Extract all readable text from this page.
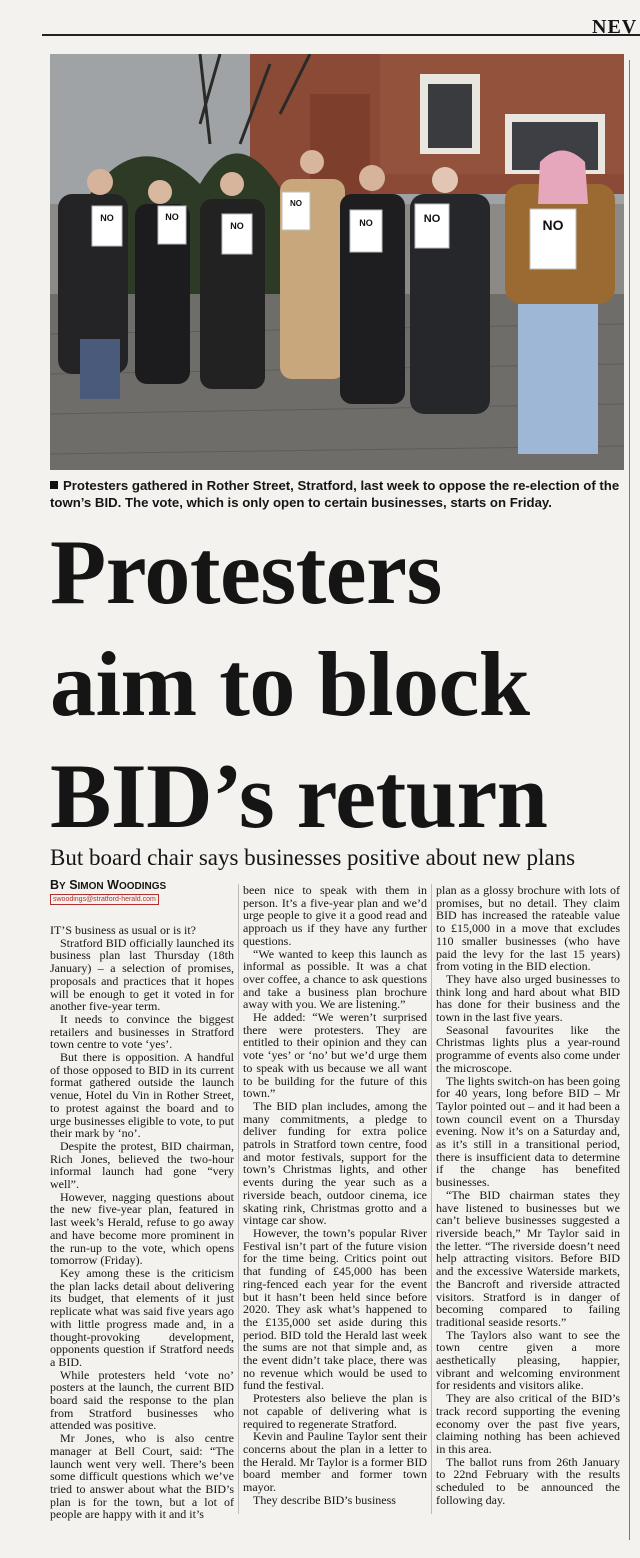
NEV
NO	NO
NO
NO
NO	NO	NO
Protesters gathered in Rother Street, Stratford, last week to oppose the re-election of the town’s BID. The vote, which is only open to certain businesses, starts on Friday.
Protesters
aim to block
BID’s return
But board chair says businesses positive about new plans
BY SIMON WOODINGS
swoodings@stratford-herald.com

IT’S business as usual or is it?

Stratford BID officially launched its business plan last Thursday (18th January) – a selection of promises, proposals and practices that it hopes will be enough to get it voted in for another five-year term.

It needs to convince the biggest retailers and businesses in Stratford town centre to vote ‘yes’.

But there is opposition. A handful of those opposed to BID in its current format gathered outside the launch venue, Hotel du Vin in Rother Street, to protest against the board and to urge businesses eligible to vote, to put their mark by ‘no’.

Despite the protest, BID chairman, Rich Jones, believed the two-hour informal launch had gone “very well”.

However, nagging questions about the new five-year plan, featured in last week’s Herald, refuse to go away and have become more prominent in the run-up to the vote, which opens tomorrow (Friday).

Key among these is the criticism the plan lacks detail about delivering its budget, that elements of it just replicate what was said five years ago with little progress made and, in a thought-provoking development, opponents question if Stratford needs a BID.

While protesters held ‘vote no’ posters at the launch, the current BID board said the response to the plan from Stratford businesses who attended was positive.

Mr Jones, who is also centre manager at Bell Court, said: “The launch went very well. There’s been some difficult questions which we’ve tried to answer about what the BID’s plan is for the town, but a lot of people are happy with it and it’s

been nice to speak with them in person. It’s a five-year plan and we’d urge people to give it a good read and approach us if they have any further questions.

“We wanted to keep this launch as informal as possible. It was a chat over coffee, a chance to ask questions and take a business plan brochure away with you. We are listening.”

He added: “We weren’t surprised there were protesters. They are entitled to their opinion and they can vote ‘yes’ or ‘no’ but we’d urge them to speak with us because we all want to be building for the future of this town.”

The BID plan includes, among the many commitments, a pledge to deliver funding for extra police patrols in Stratford town centre, food and motor festivals, support for the town’s Christmas lights, and other events during the year such as a riverside beach, outdoor cinema, ice skating rink, Christmas grotto and a vintage car show.

However, the town’s popular River Festival isn’t part of the future vision for the time being. Critics point out that funding of £45,000 has been ring-fenced each year for the event but it hasn’t been held since before 2020. They ask what’s happened to the £135,000 set aside during this period. BID told the Herald last week the sums are not that simple and, as the event didn’t take place, there was no revenue which would be used to fund the festival.

Protesters also believe the plan is not capable of delivering what is required to regenerate Stratford.

Kevin and Pauline Taylor sent their concerns about the plan in a letter to the Herald. Mr Taylor is a former BID board member and former town mayor.

They describe BID’s business

plan as a glossy brochure with lots of promises, but no detail. They claim BID has increased the rateable value to £15,000 in a move that excludes 110 smaller businesses (who have paid the levy for the last 15 years) from voting in the BID election.

They have also urged businesses to think long and hard about what BID has done for their business and the town in the last five years.

Seasonal favourites like the Christmas lights plus a year-round programme of events also come under the microscope.

The lights switch-on has been going for 40 years, long before BID – Mr Taylor pointed out – and it had been a town council event on a Thursday evening. Now it’s on a Saturday and, as it’s still in a transitional period, there is insufficient data to determine if the change has benefited businesses.

“The BID chairman states they have listened to businesses but we can’t believe businesses suggested a riverside beach,” Mr Taylor said in the letter. “The riverside doesn’t need help attracting visitors. Before BID and the excessive Waterside markets, the Bancroft and riverside attracted visitors. Stratford is in danger of becoming compared to failing traditional seaside resorts.”

The Taylors also want to see the town centre given a more aesthetically pleasing, happier, vibrant and welcoming environment for residents and visitors alike.

They are also critical of the BID’s track record supporting the evening economy over the past five years, claiming nothing has been achieved in this area.

The ballot runs from 26th January to 22nd February with the results scheduled to be announced the following day.
